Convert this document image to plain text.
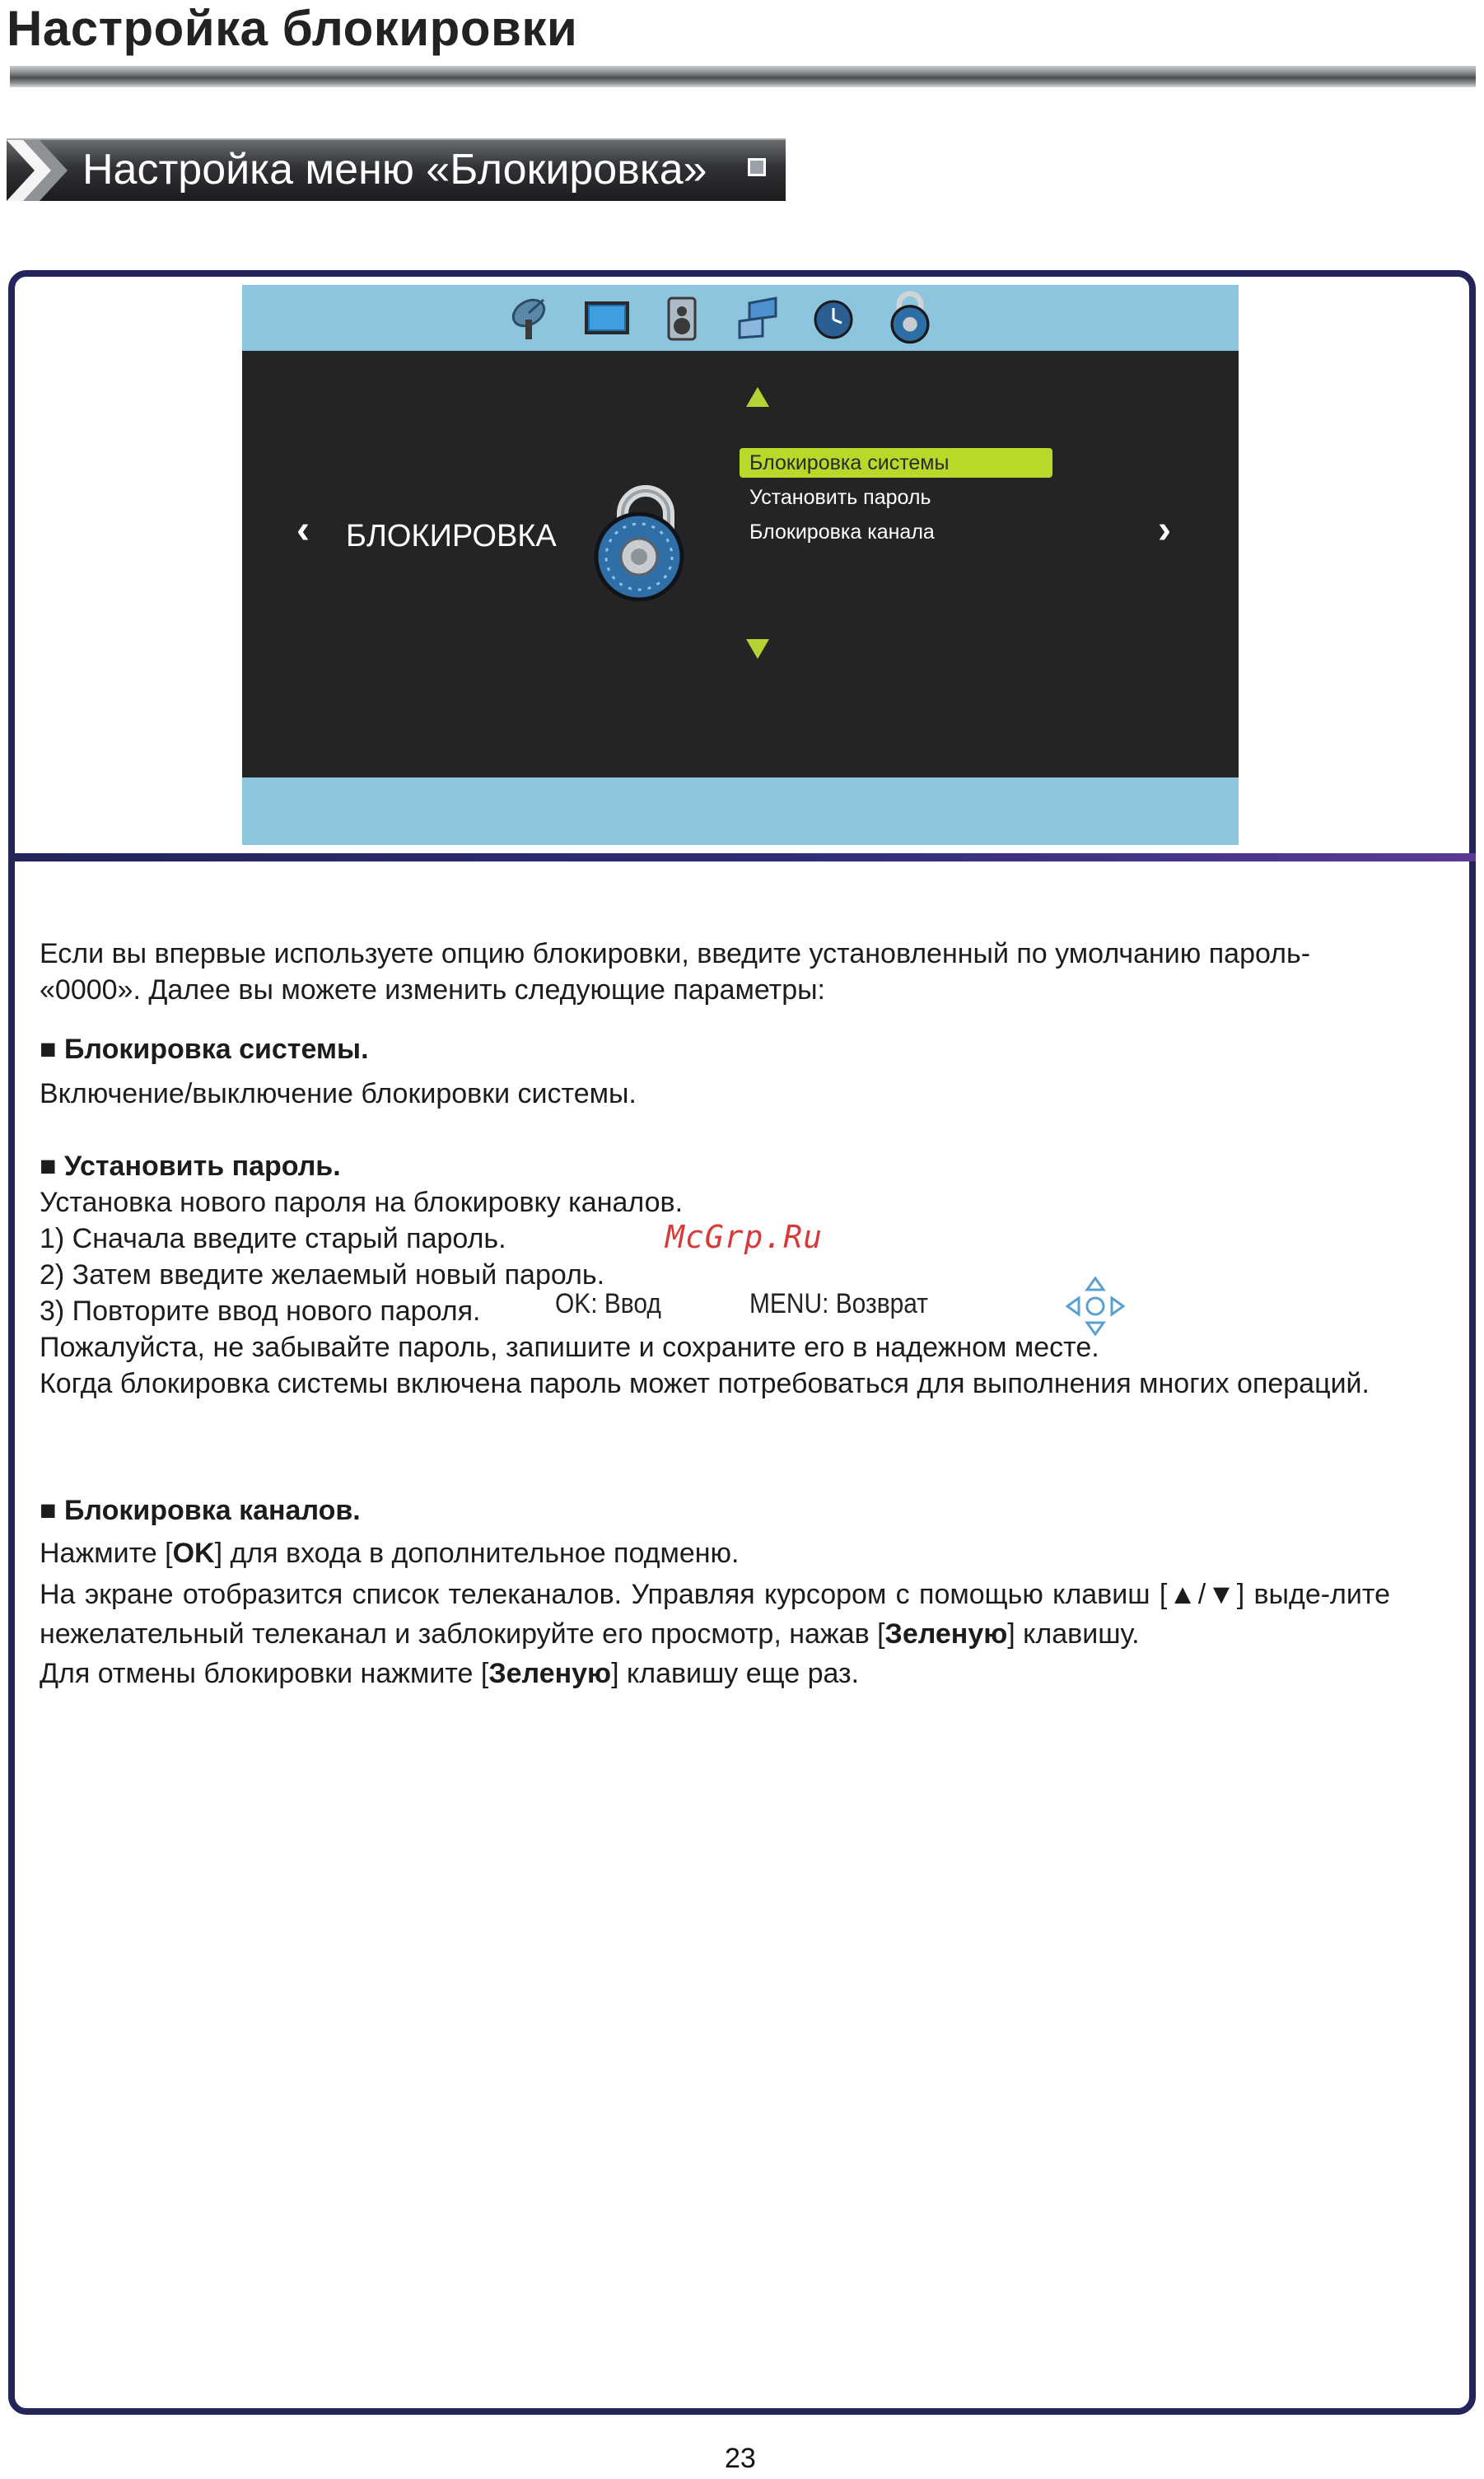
Настройка блокировки
Настройка меню «Блокировка»
‹ БЛОКИРОВКА
Блокировка системы
Установить пароль
Блокировка канала	›
OK: Ввод	MENU: Возврат

Если вы впервые используете опцию блокировки, введите установленный по умолчанию пароль-

«0000». Далее вы можете изменить следующие параметры:

■ Блокировка системы.

Включение/выключение блокировки системы.

■ Установить пароль.

Установка нового пароля на блокировку каналов.

1) Сначала введите старый пароль.

2) Затем введите желаемый новый пароль.

3) Повторите ввод нового пароля.

Пожалуйста, не забывайте пароль, запишите и сохраните его в надежном месте.

Когда блокировка системы включена пароль может потребоваться для выполнения многих операций.

■ Блокировка каналов.

Нажмите [OK] для входа в дополнительное подменю.

На экране отобразится список телеканалов. Управляя курсором с помощью клавиш [▲/▼] выде-лите нежелательный телеканал и заблокируйте его просмотр, нажав [Зеленую] клавишу.

Для отмены блокировки нажмите [Зеленую] клавишу еще раз.

McGrp.Ru
23
